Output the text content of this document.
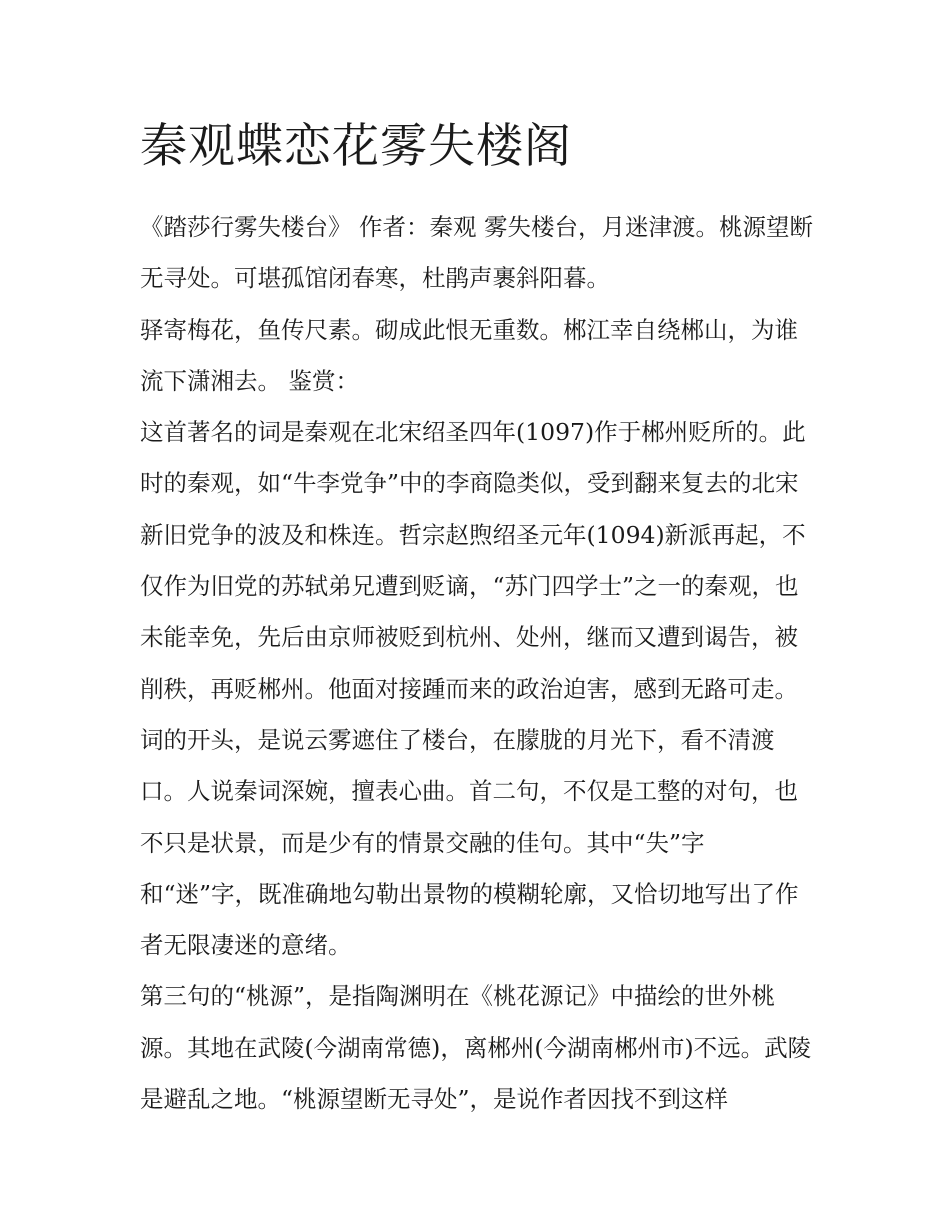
秦观蝶恋花雾失楼阁

《踏莎行雾失楼台》 作者：秦观 雾失楼台，月迷津渡。桃源望断无寻处。可堪孤馆闭春寒，杜鹃声裹斜阳暮。

驿寄梅花，鱼传尺素。砌成此恨无重数。郴江幸自绕郴山，为谁流下潇湘去。 鉴赏：

这首著名的词是秦观在北宋绍圣四年(1097)作于郴州贬所的。此时的秦观，如“牛李党争”中的李商隐类似，受到翻来复去的北宋新旧党争的波及和株连。哲宗赵煦绍圣元年(1094)新派再起，不仅作为旧党的苏轼弟兄遭到贬谪，“苏门四学士”之一的秦观，也未能幸免，先后由京师被贬到杭州、处州，继而又遭到谒告，被削秩，再贬郴州。他面对接踵而来的政治迫害，感到无路可走。词的开头，是说云雾遮住了楼台，在朦胧的月光下，看不清渡口。人说秦词深婉，擅表心曲。首二句，不仅是工整的对句，也不只是状景，而是少有的情景交融的佳句。其中“失”字和“迷”字，既准确地勾勒出景物的模糊轮廓，又恰切地写出了作者无限凄迷的意绪。

第三句的“桃源”，是指陶渊明在《桃花源记》中描绘的世外桃源。其地在武陵(今湖南常德)，离郴州(今湖南郴州市)不远。武陵是避乱之地。“桃源望断无寻处”，是说作者因找不到这样
